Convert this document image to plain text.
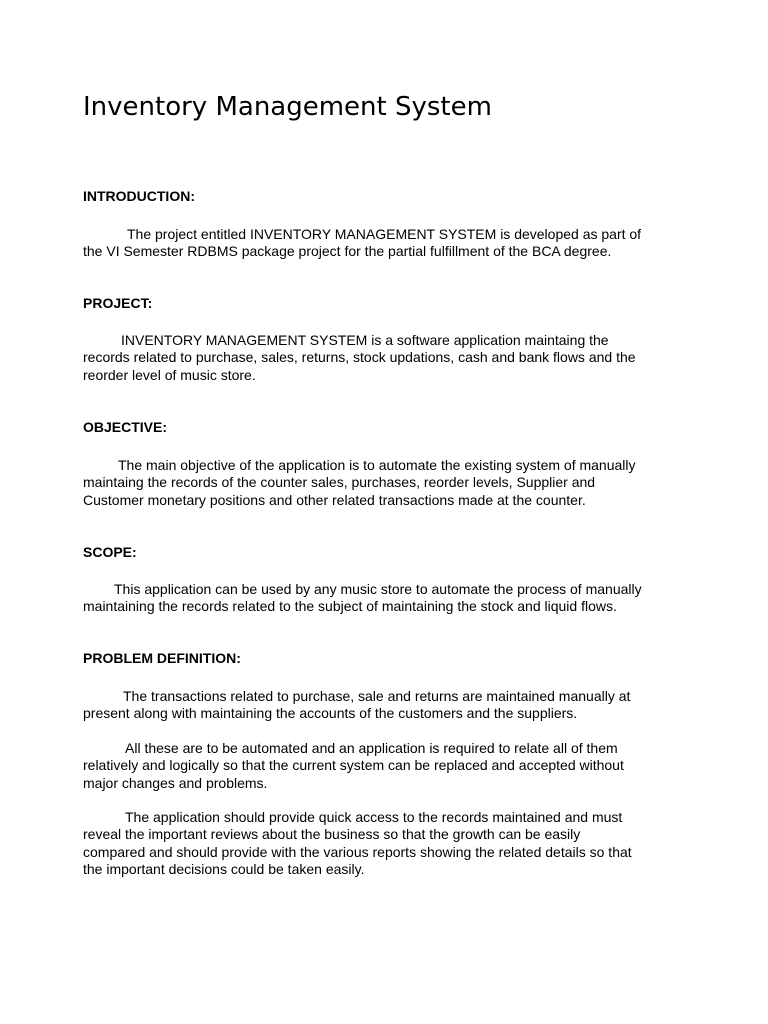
Inventory Management System
INTRODUCTION:

The project entitled INVENTORY MANAGEMENT SYSTEM is developed as part of
the VI Semester RDBMS package project for the partial fulfillment of the BCA degree.

PROJECT:

INVENTORY MANAGEMENT SYSTEM is a software application maintaing the
records related to purchase, sales, returns, stock updations, cash and bank flows and the
reorder level of music store.

OBJECTIVE:

The main objective of the application is to automate the existing system of manually
maintaing the records of the counter sales, purchases, reorder levels, Supplier and
Customer monetary positions and other related transactions made at the counter.

SCOPE:

This application can be used by any music store to automate the process of manually
maintaining the records related to the subject of maintaining the stock and liquid flows.

PROBLEM DEFINITION:

The transactions related to purchase, sale and returns are maintained manually at
present along with maintaining the accounts of the customers and the suppliers.

All these are to be automated and an application is required to relate all of them
relatively and logically so that the current system can be replaced and accepted without
major changes and problems.

The application should provide quick access to the records maintained and must
reveal the important reviews about the business so that the growth can be easily
compared and should provide with the various reports showing the related details so that
the important decisions could be taken easily.
